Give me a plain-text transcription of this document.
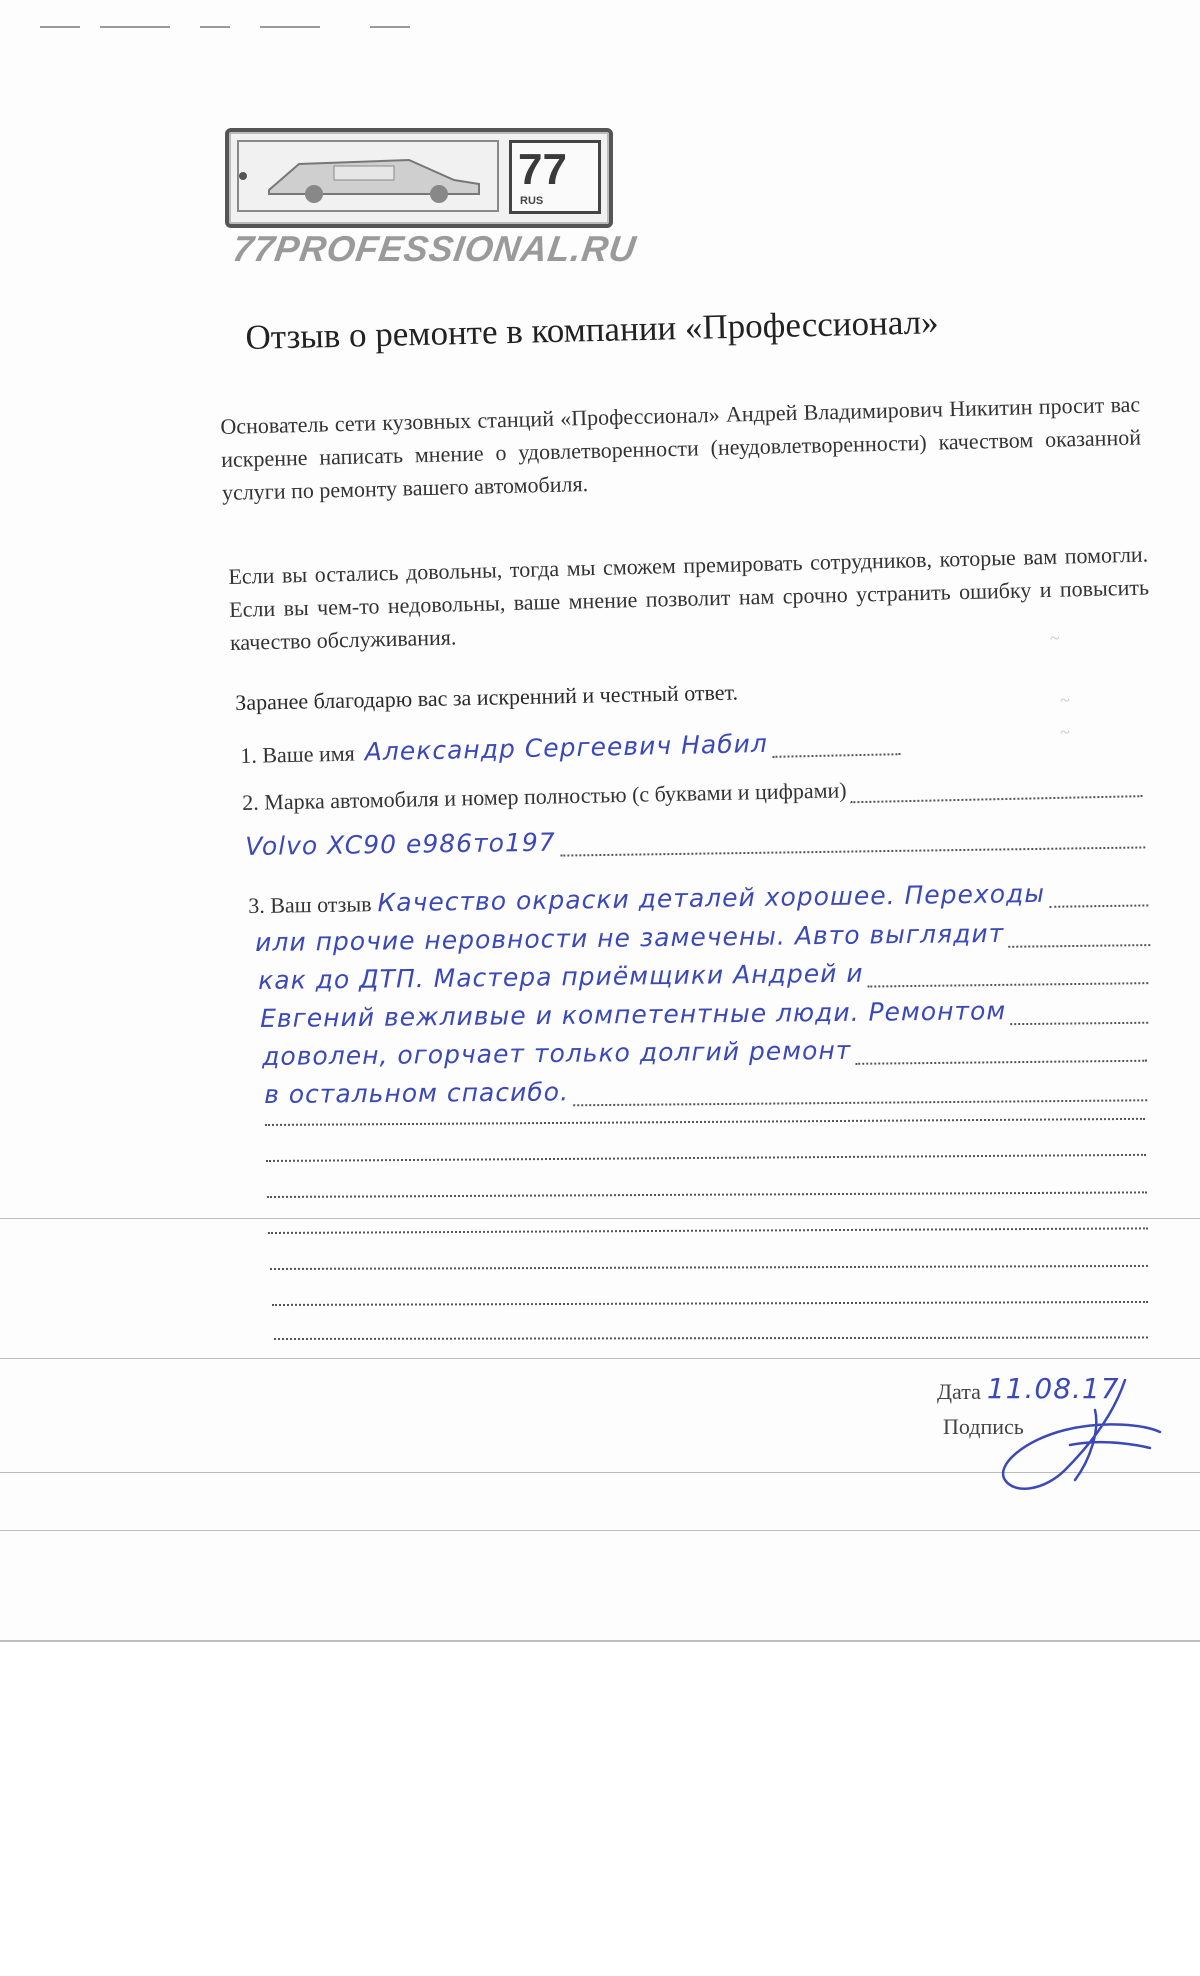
77
RUS
77PROFESSIONAL.RU
Отзыв о ремонте в компании «Профессионал»
Основатель сети кузовных станций «Профессионал» Андрей Владимирович Никитин просит вас искренне написать мнение о удовлетворенности (неудовлетворенности) качеством оказанной услуги по ремонту вашего автомобиля.
Если вы остались довольны, тогда мы сможем премировать сотрудников, которые вам помогли. Если вы чем-то недовольны, ваше мнение позволит нам срочно устранить ошибку и повысить качество обслуживания.
Заранее благодарю вас за искренний и честный ответ.
1. Ваше имя Александр Сергеевич Набил
2. Марка автомобиля и номер полностью (с буквами и цифрами)
Volvo XC90 е986то197
3. Ваш отзыв Качество окраски деталей хорошее. Переходы
или прочие неровности не замечены. Авто выглядит
как до ДТП. Мастера приёмщики Андрей и
Евгений вежливые и компетентные люди. Ремонтом
доволен, огорчает только долгий ремонт
в остальном спасибо.
Дата 11.08.17
Подпись
~
~
~
